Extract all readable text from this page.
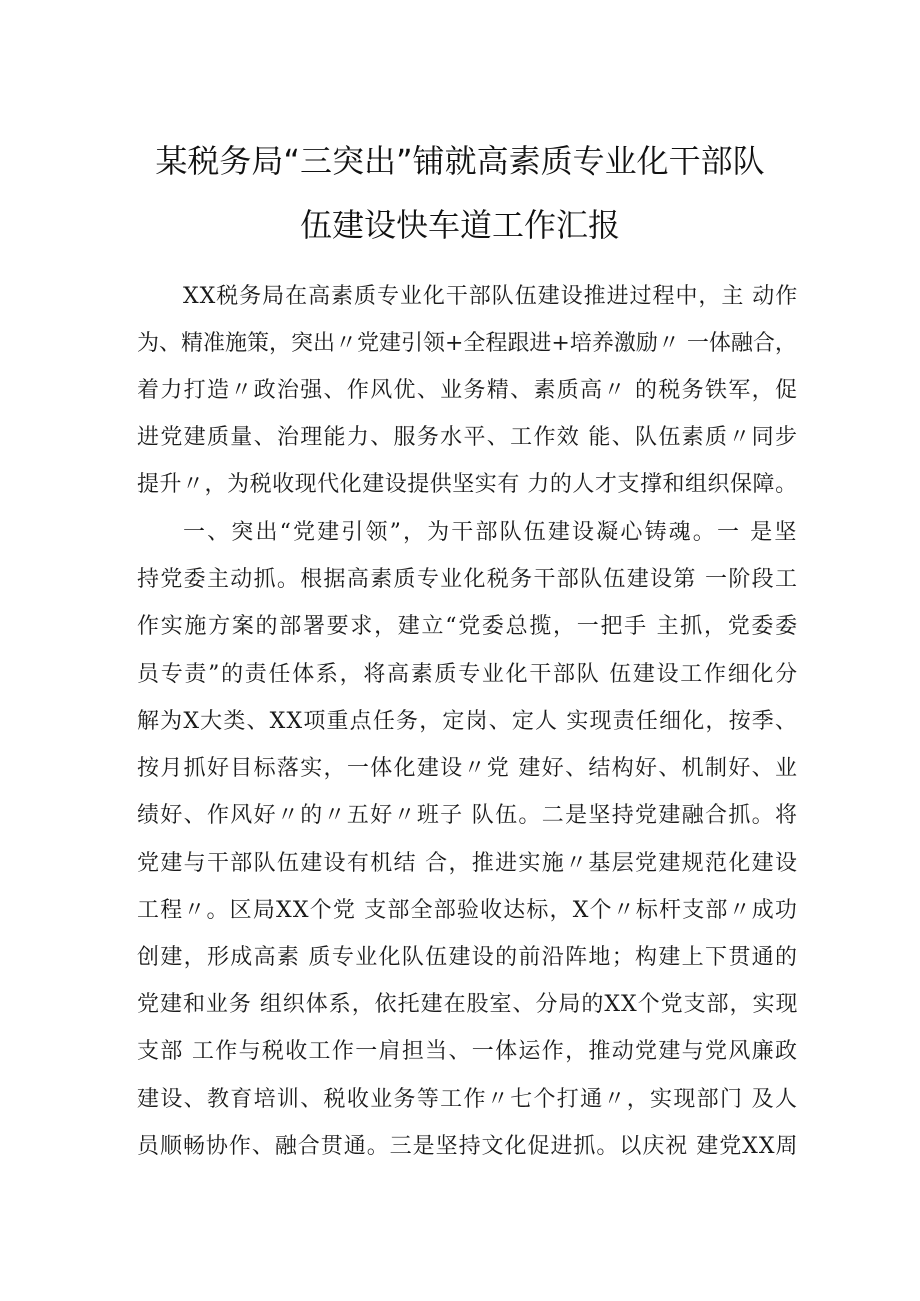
某税务局“三突出”铺就高素质专业化干部队
伍建设快车道工作汇报
XX税务局在高素质专业化干部队伍建设推进过程中，主 动作
为、精准施策，突出〃党建引领+全程跟进+培养激励〃 一体融合，
着力打造〃政治强、作风优、业务精、素质高〃 的税务铁军，促
进党建质量、治理能力、服务水平、工作效 能、队伍素质〃同步
提升〃，为税收现代化建设提供坚实有 力的人才支撑和组织保障。
一、突出“党建引领”，为干部队伍建设凝心铸魂。一 是坚
持党委主动抓。根据高素质专业化税务干部队伍建设第 一阶段工
作实施方案的部署要求，建立“党委总揽，一把手 主抓，党委委
员专责”的责任体系，将高素质专业化干部队 伍建设工作细化分
解为X大类、XX项重点任务，定岗、定人 实现责任细化，按季、
按月抓好目标落实，一体化建设〃党 建好、结构好、机制好、业
绩好、作风好〃的〃五好〃班子 队伍。二是坚持党建融合抓。将
党建与干部队伍建设有机结 合，推进实施〃基层党建规范化建设
工程〃。区局XX个党 支部全部验收达标，X个〃标杆支部〃成功
创建，形成高素 质专业化队伍建设的前沿阵地；构建上下贯通的
党建和业务 组织体系，依托建在股室、分局的XX个党支部，实现
支部 工作与税收工作一肩担当、一体运作，推动党建与党风廉政
建设、教育培训、税收业务等工作〃七个打通〃，实现部门 及人
员顺畅协作、融合贯通。三是坚持文化促进抓。以庆祝 建党XX周
